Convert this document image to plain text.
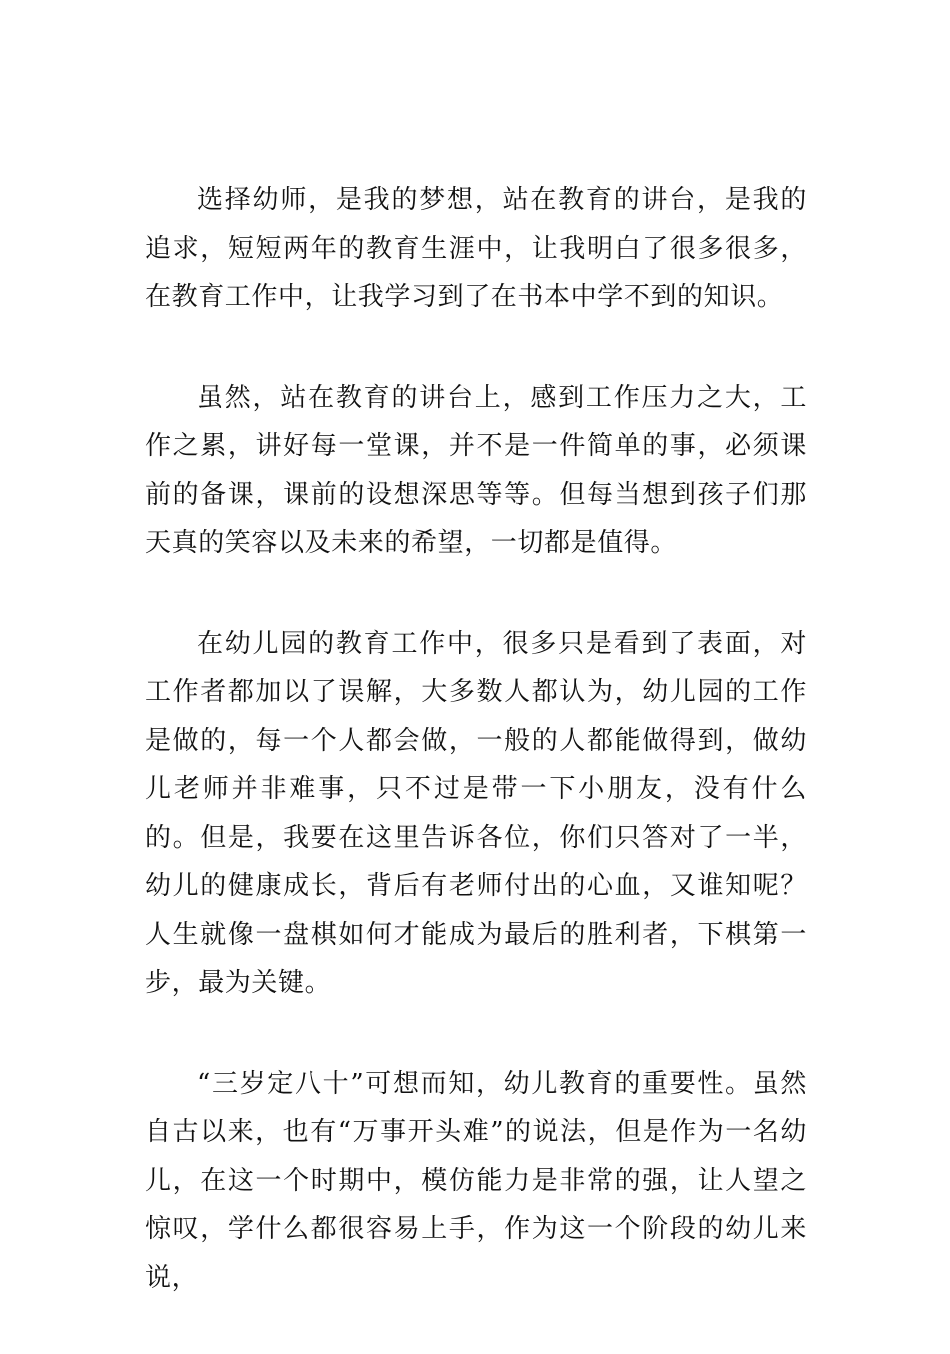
选择幼师，是我的梦想，站在教育的讲台，是我的追求，短短两年的教育生涯中，让我明白了很多很多，在教育工作中，让我学习到了在书本中学不到的知识。

虽然，站在教育的讲台上，感到工作压力之大，工作之累，讲好每一堂课，并不是一件简单的事，必须课前的备课，课前的设想深思等等。但每当想到孩子们那天真的笑容以及未来的希望，一切都是值得。

在幼儿园的教育工作中，很多只是看到了表面，对工作者都加以了误解，大多数人都认为，幼儿园的工作是做的，每一个人都会做，一般的人都能做得到，做幼儿老师并非难事，只不过是带一下小朋友，没有什么的。但是，我要在这里告诉各位，你们只答对了一半，幼儿的健康成长，背后有老师付出的心血，又谁知呢？人生就像一盘棋如何才能成为最后的胜利者，下棋第一步，最为关键。

“三岁定八十”可想而知，幼儿教育的重要性。虽然自古以来，也有“万事开头难”的说法，但是作为一名幼儿，在这一个时期中，模仿能力是非常的强，让人望之惊叹，学什么都很容易上手，作为这一个阶段的幼儿来说，
